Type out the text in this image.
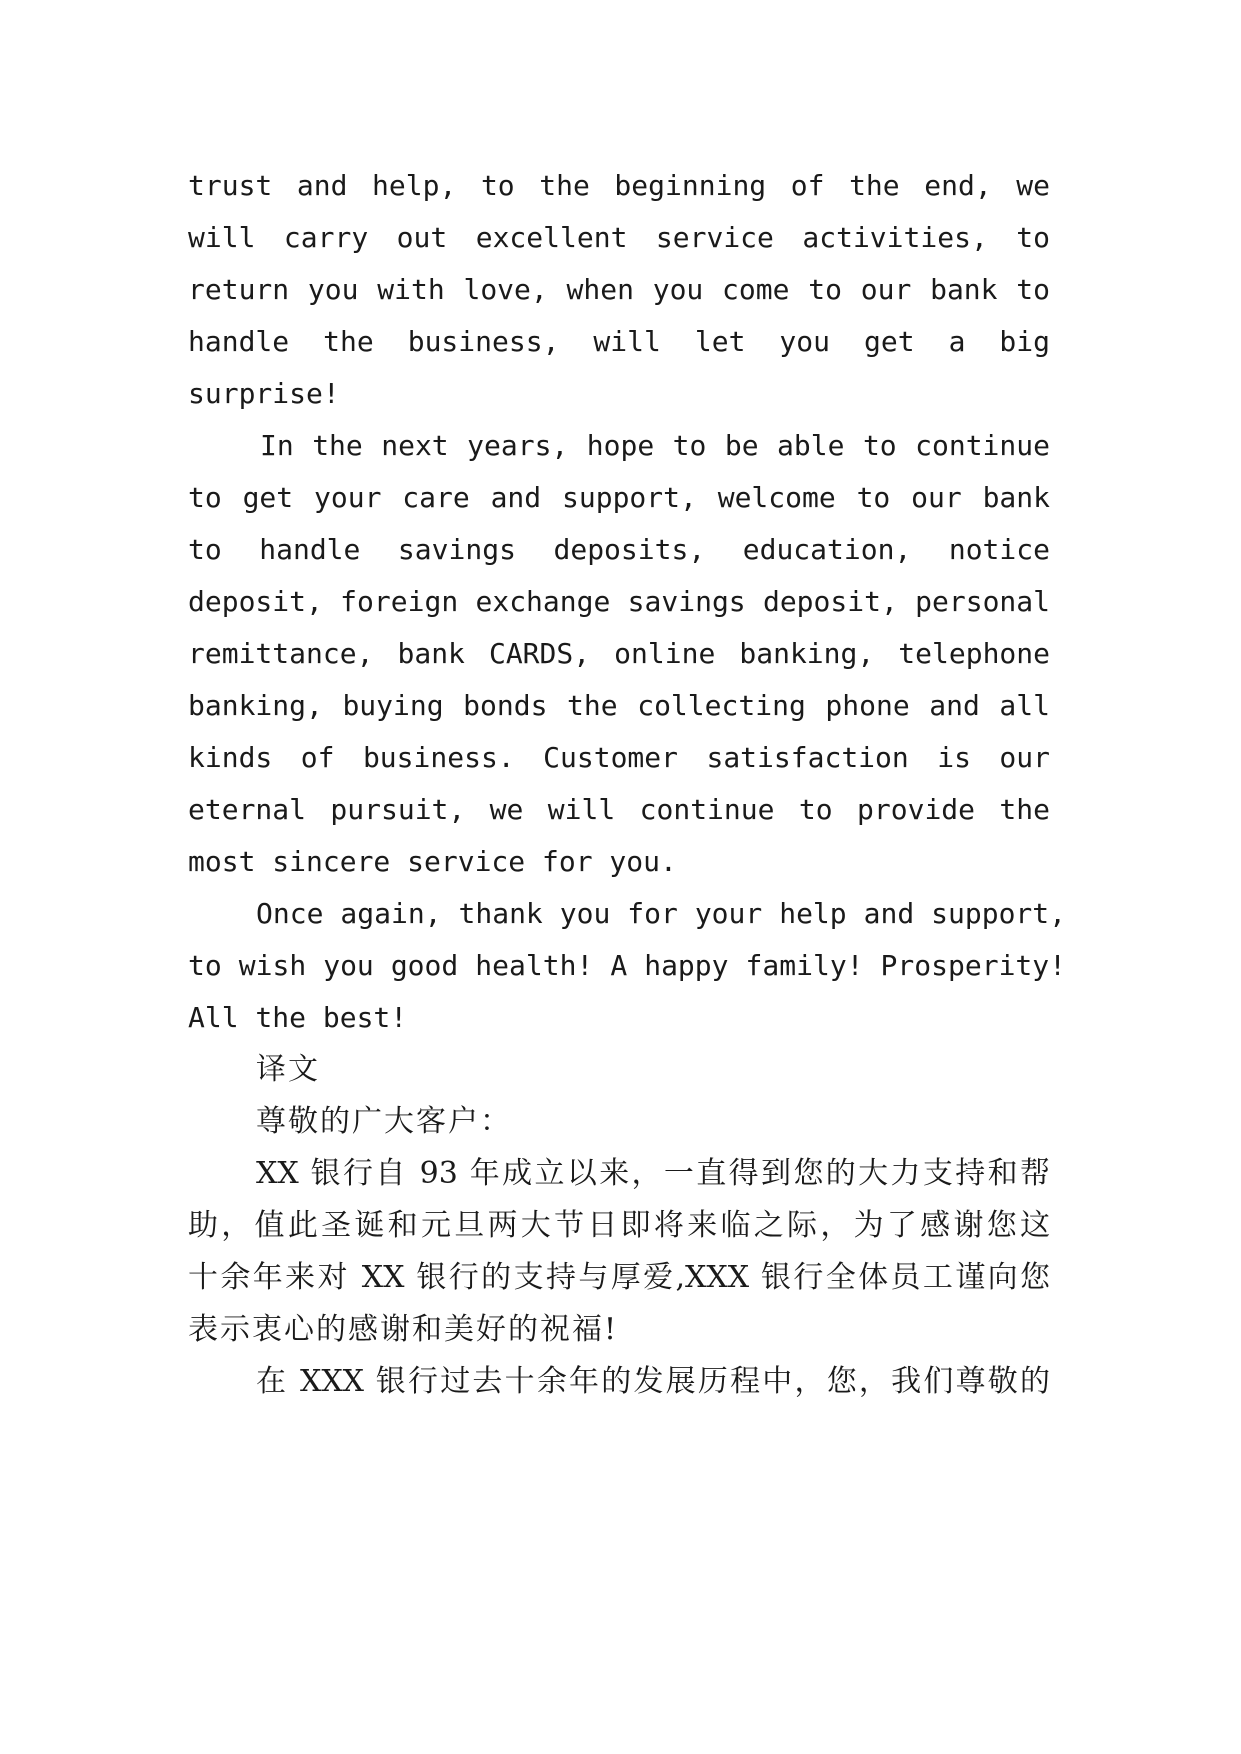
trust and help, to the beginning of the end, we
will carry out excellent service activities, to
return you with love, when you come to our bank to
handle the business, will let you get a big
surprise!
In the next years, hope to be able to continue
to get your care and support, welcome to our bank
to handle savings deposits, education, notice
deposit, foreign exchange savings deposit, personal
remittance, bank CARDS, online banking, telephone
banking, buying bonds the collecting phone and all
kinds of business. Customer satisfaction is our
eternal pursuit, we will continue to provide the
most sincere service for you.
Once again, thank you for your help and support,
to wish you good health! A happy family! Prosperity!
All the best!
译文
尊敬的广大客户：
XX 银行自 93 年成立以来，一直得到您的大力支持和帮
助，值此圣诞和元旦两大节日即将来临之际，为了感谢您这
十余年来对 XX 银行的支持与厚爱,XXX 银行全体员工谨向您
表示衷心的感谢和美好的祝福!
在 XXX 银行过去十余年的发展历程中，您，我们尊敬的
